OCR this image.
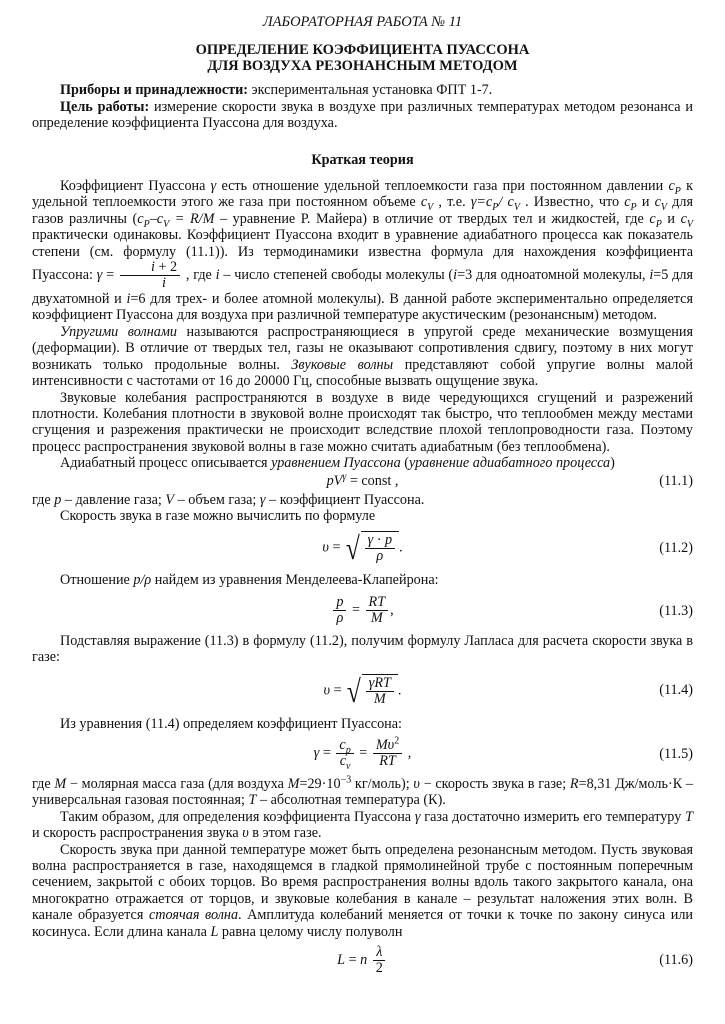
ЛАБОРАТОРНАЯ РАБОТА № 11
ОПРЕДЕЛЕНИЕ КОЭФФИЦИЕНТА ПУАССОНА
ДЛЯ ВОЗДУХА РЕЗОНАНСНЫМ МЕТОДОМ

Приборы и принадлежности: экспериментальная установка ФПТ 1-7.

Цель работы: измерение скорости звука в воздухе при различных температурах методом резонанса и определение коэффициента Пуассона для воздуха.

Краткая теория

Коэффициент Пуассона γ есть отношение удельной теплоемкости газа при постоянном давлении $c_P$ к удельной теплоемкости этого же газа при постоянном объеме $c_V$ , т.е. $\gamma=c_P/$ $c_V$ . Известно, что $c_P$ и $c_V$ для газов различны ($c_P-c_V = R/M$ – уравнение Р. Майера) в отличие от твердых тел и жидкостей, где $c_P$ и $c_V$ практически одинаковы. Коэффициент Пуассона входит в уравнение адиабатного процесса как показатель степени (см. формулу (11.1)). Из термодинамики известна формула для нахождения коэффициента Пуассона: $\gamma = \frac{i + 2}{i}$ , где i – число степеней свободы молекулы (i=3 для одноатомной молекулы, i=5 для двухатомной и i=6 для трех- и более атомной молекулы). В данной работе экспериментально определяется коэффициент Пуассона для воздуха при различной температуре акустическим (резонансным) методом.

Упругими волнами называются распространяющиеся в упругой среде механические возмущения (деформации). В отличие от твердых тел, газы не оказывают сопротивления сдвигу, поэтому в них могут возникать только продольные волны. Звуковые волны представляют собой упругие волны малой интенсивности с частотами от 16 до 20000 Гц, способные вызвать ощущение звука.

Звуковые колебания распространяются в воздухе в виде чередующихся сгущений и разрежений плотности. Колебания плотности в звуковой волне происходят так быстро, что теплообмен между местами сгущения и разрежения практически не происходит вследствие плохой теплопроводности газа. Поэтому процесс распространения звуковой волны в газе можно считать адиабатным (без теплообмена).

Адиабатный процесс описывается уравнением Пуассона (уравнение адиабатного процесса)

$pV^\gamma$ = const ,	(11.1)

где p – давление газа; V – объем газа; γ – коэффициент Пуассона.

Скорость звука в газе можно вычислить по формуле

υ = √ $\frac{\gamma \cdot p}{\rho}$ .	(11.2)

Отношение p/ρ найдем из уравнения Менделеева-Клапейрона:

$\frac{p}{\rho} = \frac{RT}{M}$ ,	(11.3)

Подставляя выражение (11.3) в формулу (11.2), получим формулу Лапласа для расчета скорости звука в газе:

υ = √ $\frac{\text{γRT}}{M}$ .	(11.4)

Из уравнения (11.4) определяем коэффициент Пуассона:

$\gamma = \frac{c_p}{c_v} = \frac{M\upsilon^2}{RT}$ ,	(11.5)

где M − молярная масса газа (для воздуха $M=29\cdot 10^{-3}$ кг/моль); υ − скорость звука в газе; R=8,31 Дж/моль·К – универсальная газовая постоянная; T – абсолютная температура (К).

Таким образом, для определения коэффициента Пуассона γ газа достаточно измерить его температуру T и скорость распространения звука υ в этом газе.

Скорость звука при данной температуре может быть определена резонансным методом. Пусть звуковая волна распространяется в газе, находящемся в гладкой прямолинейной трубе с постоянным поперечным сечением, закрытой с обоих торцов. Во время распространения волны вдоль такого закрытого канала, она многократно отражается от торцов, и звуковые колебания в канале – результат наложения этих волн. В канале образуется стоячая волна. Амплитуда колебаний меняется от точки к точке по закону синуса или косинуса. Если длина канала L равна целому числу полуволн

L = n $\frac{\lambda}{2}$	(11.6)
